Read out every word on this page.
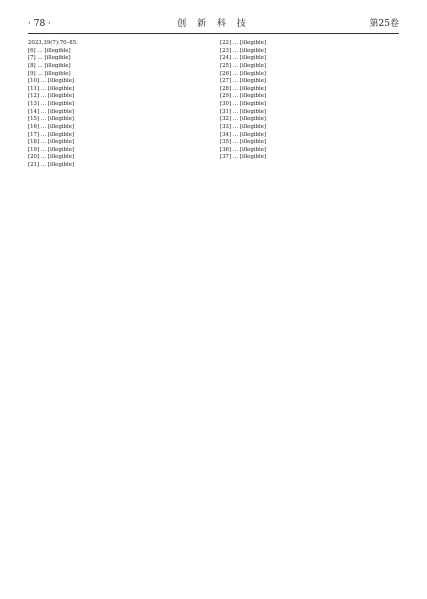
· 78 ·	创 新 科 技	第25卷

2023,39(7):70–85.

[6] … [illegible]

[7] … [illegible]

[8] … [illegible]

[9] … [illegible]

[10] … [illegible]

[11] … [illegible]

[12] … [illegible]

[13] … [illegible]

[14] … [illegible]

[15] … [illegible]

[16] … [illegible]

[17] … [illegible]

[18] … [illegible]

[19] … [illegible]

[20] … [illegible]

[21] … [illegible]

[22] … [illegible]

[23] … [illegible]

[24] … [illegible]

[25] … [illegible]

[26] … [illegible]

[27] … [illegible]

[28] … [illegible]

[29] … [illegible]

[30] … [illegible]

[31] … [illegible]

[32] … [illegible]

[33] … [illegible]

[34] … [illegible]

[35] … [illegible]

[36] … [illegible]

[37] … [illegible]
